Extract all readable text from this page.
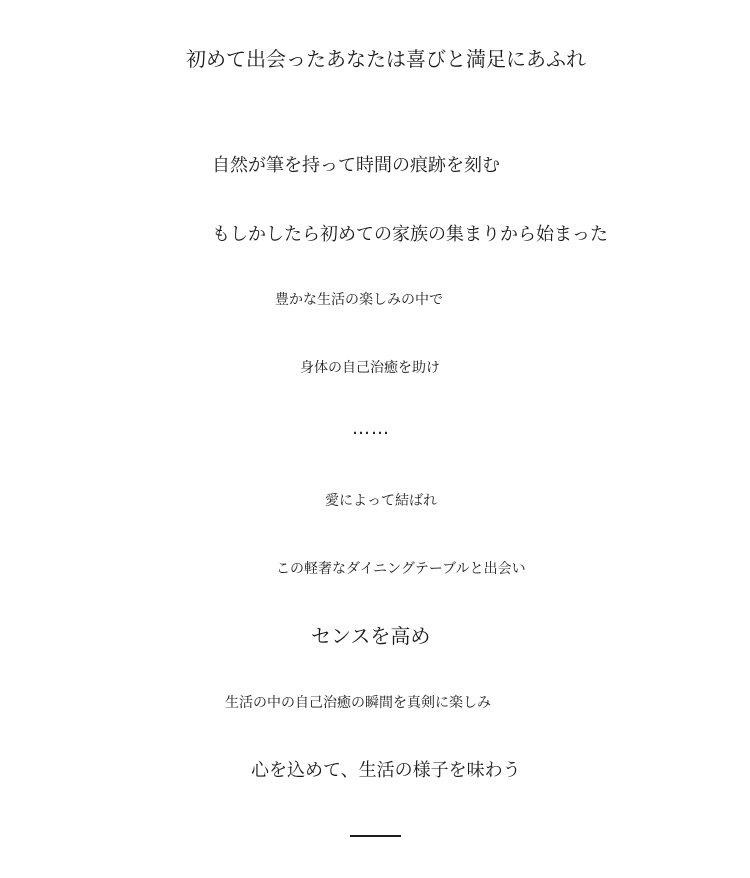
初めて出会ったあなたは喜びと満足にあふれ
自然が筆を持って時間の痕跡を刻む
もしかしたら初めての家族の集まりから始まった
豊かな生活の楽しみの中で
身体の自己治癒を助け
……
愛によって結ばれ
この軽奢なダイニングテーブルと出会い
センスを高め
生活の中の自己治癒の瞬間を真剣に楽しみ
心を込めて、生活の様子を味わう
